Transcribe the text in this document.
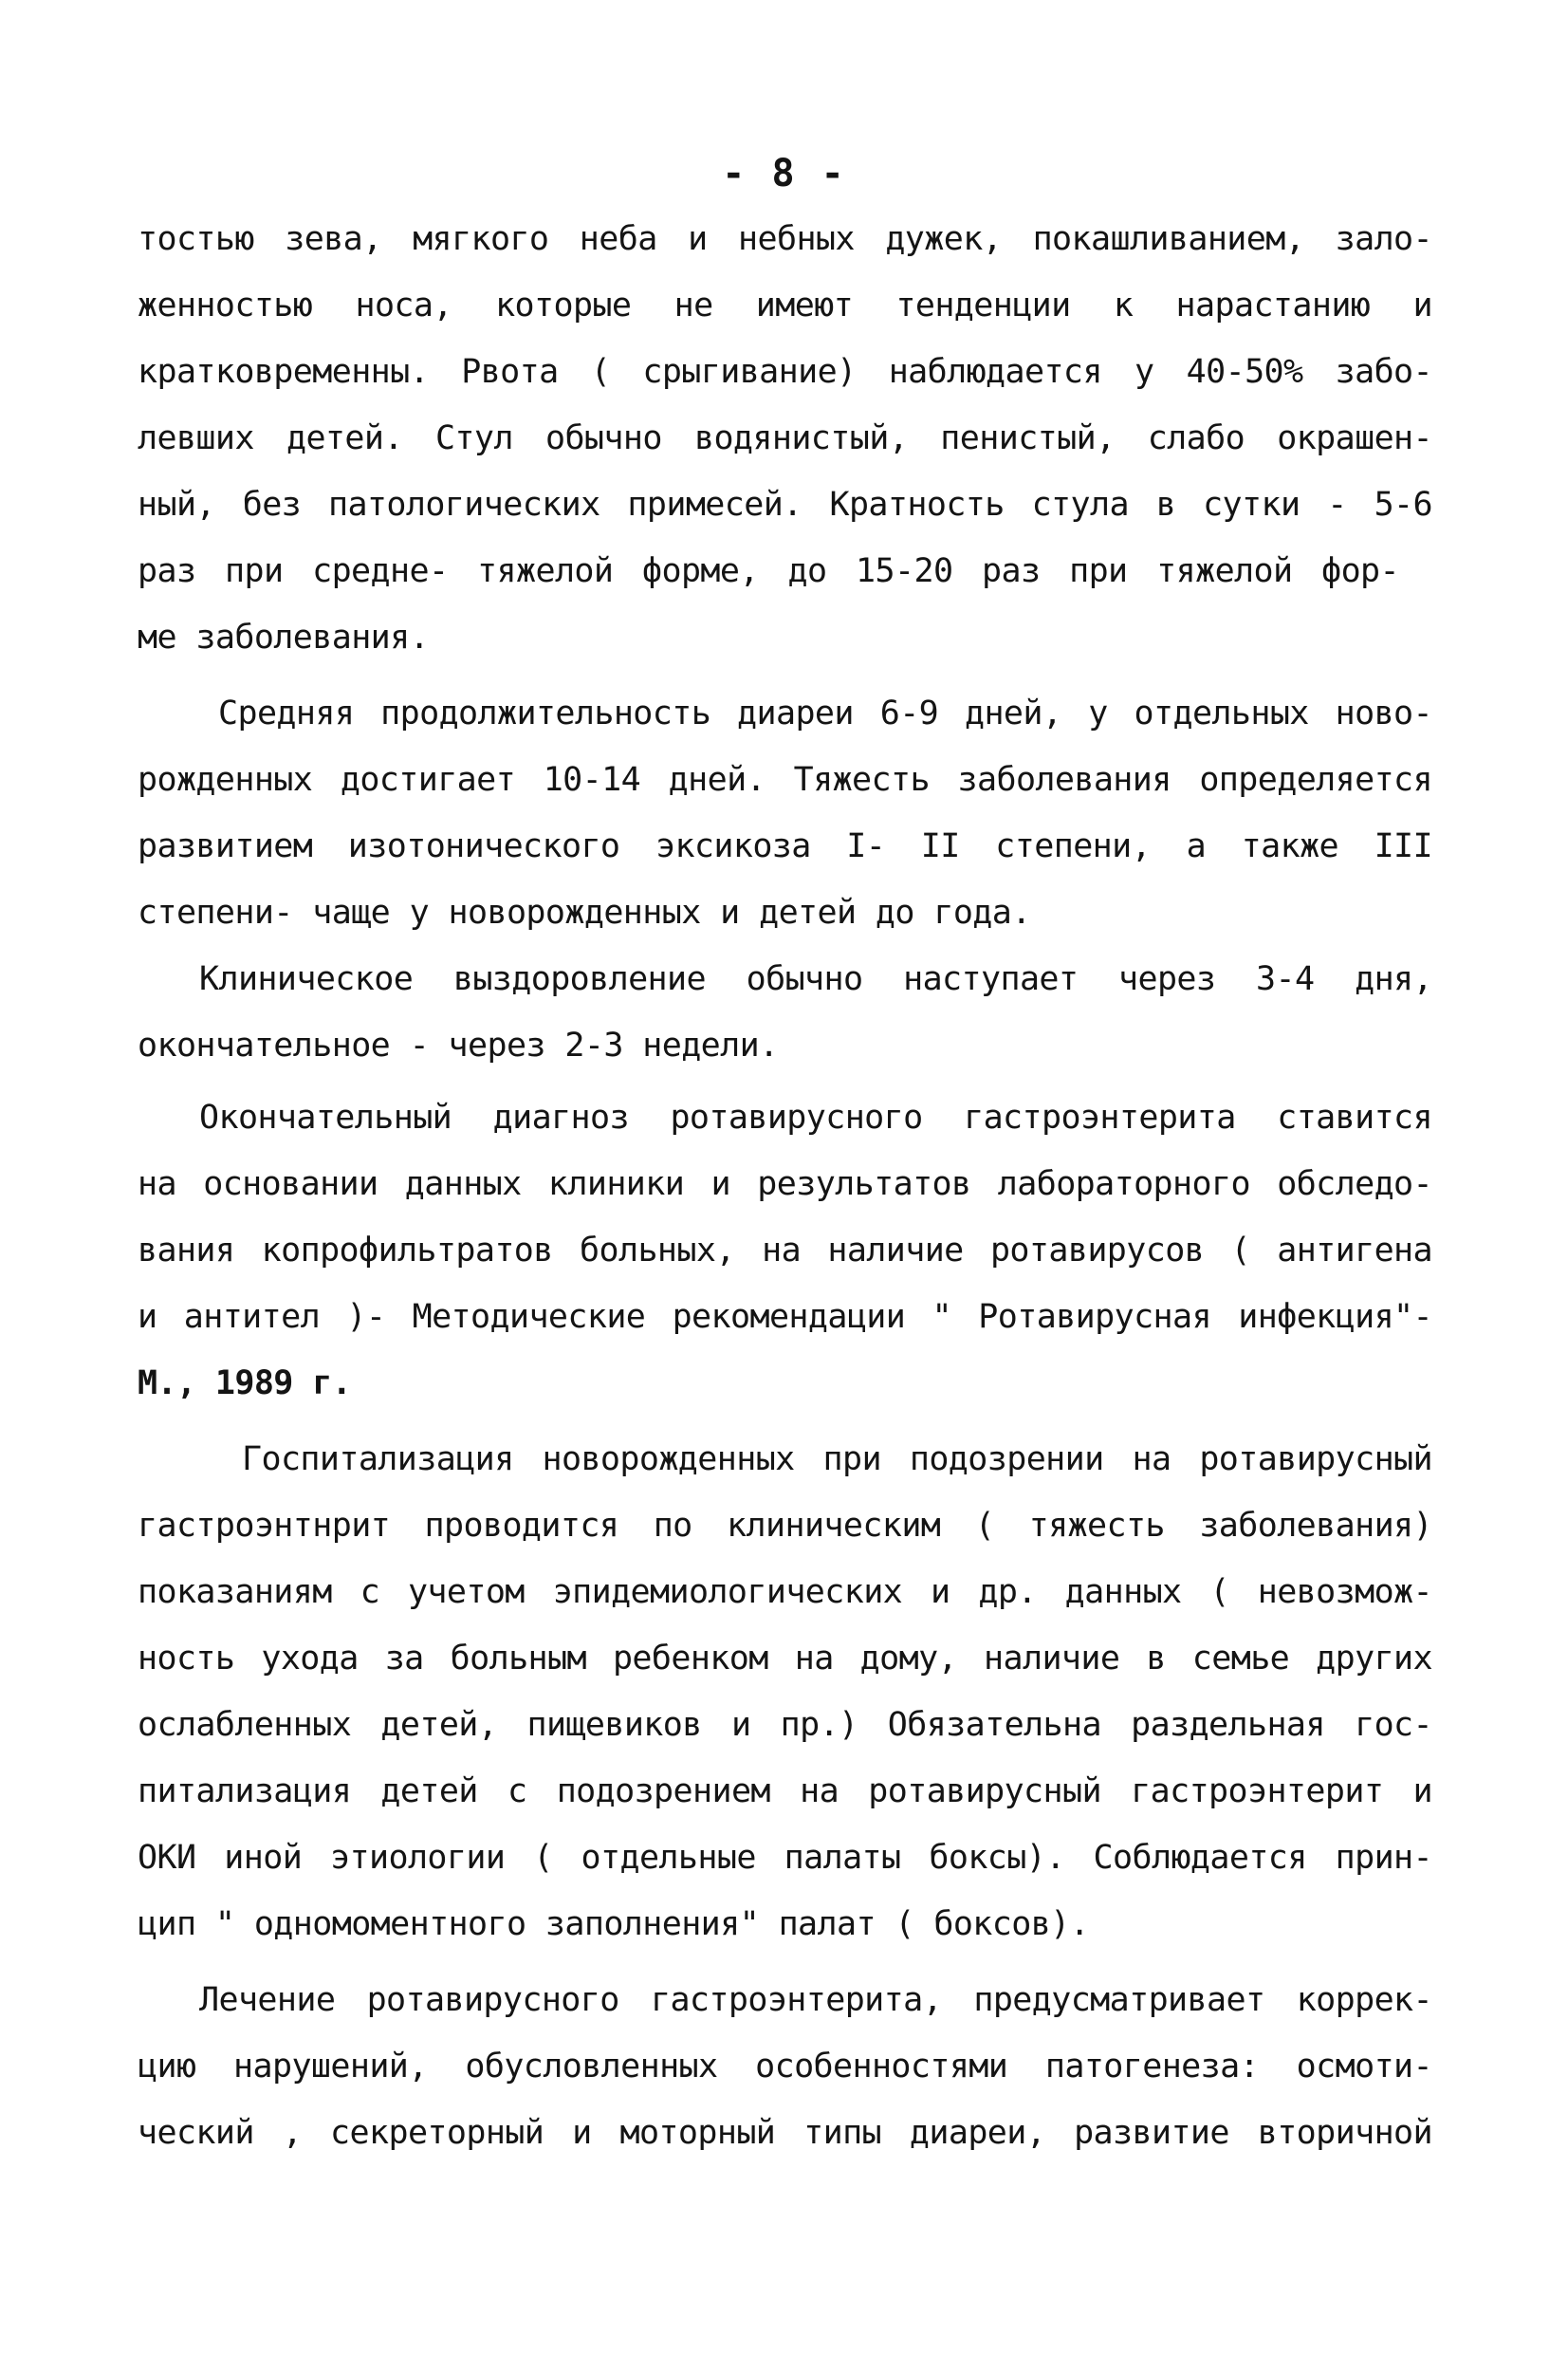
- 8 -
тостью зева, мягкого неба и небных дужек, покашливанием, зало-
женностью носа, которые не имеют тенденции к нарастанию и
кратковременны. Рвота ( срыгивание) наблюдается у 40-50% забо-
левших детей. Стул обычно водянистый, пенистый, слабо окрашен-
ный, без патологических примесей. Кратность стула в сутки - 5-6
раз при средне- тяжелой форме, до 15-20 раз при тяжелой фор-
ме заболевания.
Средняя продолжительность диареи 6-9 дней, у отдельных ново-
рожденных достигает 10-14 дней. Тяжесть заболевания определяется
развитием изотонического эксикоза I- II степени, а также III
степени- чаще у новорожденных и детей до года.
Клиническое выздоровление обычно наступает через 3-4 дня,
окончательное - через 2-3 недели.
Окончательный диагноз ротавирусного гастроэнтерита ставится
на основании данных клиники и результатов лабораторного обследо-
вания копрофильтратов больных, на наличие ротавирусов ( антигена
и антител )- Методические рекомендации " Ротавирусная инфекция"-
М., 1989 г.
Госпитализация новорожденных при подозрении на ротавирусный
гастроэнтнрит проводится по клиническим ( тяжесть заболевания)
показаниям с учетом эпидемиологических и др. данных ( невозмож-
ность ухода за больным ребенком на дому, наличие в семье других
ослабленных детей, пищевиков и пр.) Обязательна раздельная гос-
питализация детей с подозрением на ротавирусный гастроэнтерит и
ОКИ иной этиологии ( отдельные палаты боксы). Соблюдается прин-
цип " одномоментного заполнения" палат ( боксов).
Лечение ротавирусного гастроэнтерита, предусматривает коррек-
цию нарушений, обусловленных особенностями патогенеза: осмоти-
ческий , секреторный и моторный типы диареи, развитие вторичной
